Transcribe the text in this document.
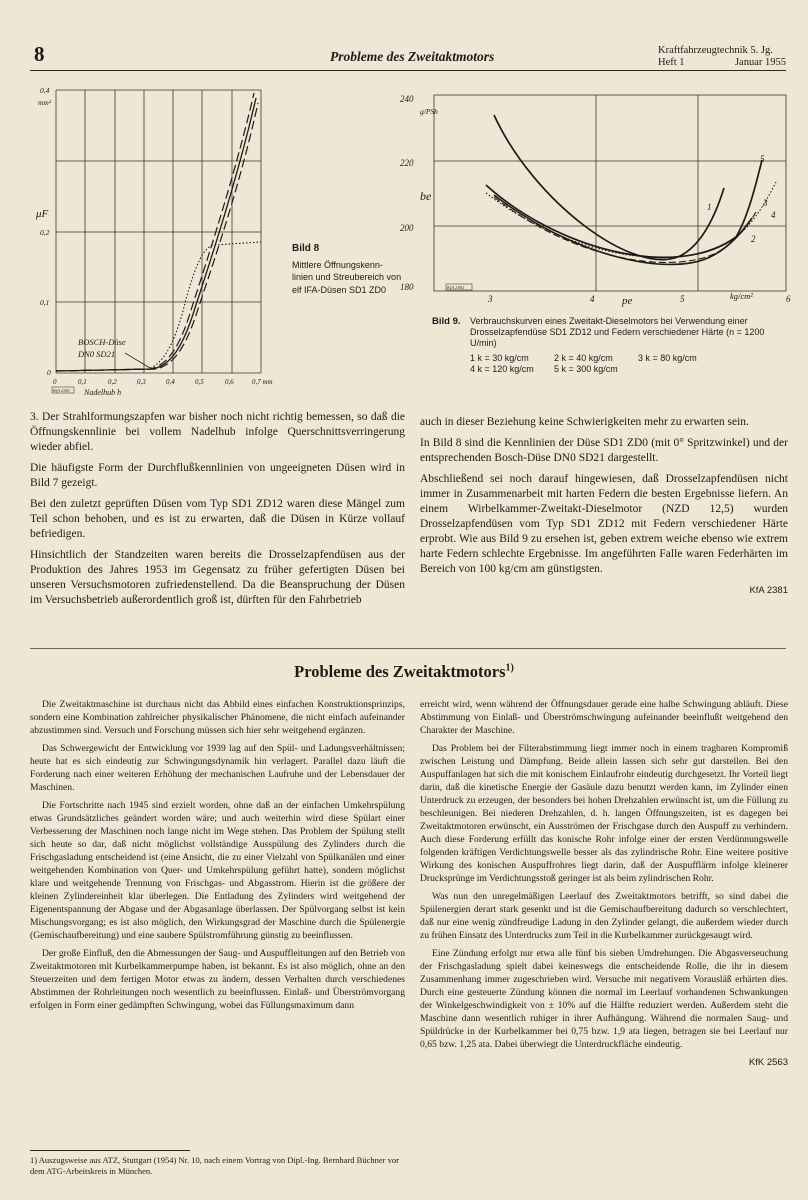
8	Probleme des Zweitaktmotors	Kraftfahrzeugtechnik 5. Jg.
Heft 1	Januar 1955
mm²
μF
0,4
0,2
0,1
0
0	0,1	0,2	0,3	0,4	0,5	0,6	0,7 mm
Nadelhub h
BOSCH-Düse
DN0 SD21
KfA 2381
Bild 8
Mittlere Öffnungskenn-linien und Streubereich von elf IFA-Düsen SD1 ZD0
1
2
3
4
5
g/PSh
be
240
220
200
180
3	4	5	6
pe	kg/cm²
KfA 2382
Bild 9. Verbrauchskurven eines Zweitakt-Dieselmotors bei Verwendung einer Drosselzapfendüse SD1 ZD12 und Federn verschiedener Härte (n = 1200 U/min)
1 k = 30 kg/cm	2 k = 40 kg/cm	3 k = 80 kg/cm
4 k = 120 kg/cm	5 k = 300 kg/cm

3. Der Strahlformungszapfen war bisher noch nicht richtig bemessen, so daß die Öffnungskennlinie bei vollem Nadelhub infolge Querschnittsverringerung wieder abfiel.

Die häufigste Form der Durchflußkennlinien von ungeeigneten Düsen wird in Bild 7 gezeigt.

Bei den zuletzt geprüften Düsen vom Typ SD1 ZD12 waren diese Mängel zum Teil schon behoben, und es ist zu erwarten, daß die Düsen in Kürze vollauf befriedigen.

Hinsichtlich der Standzeiten waren bereits die Drosselzapfendüsen aus der Produktion des Jahres 1953 im Gegensatz zu früher gefertigten Düsen bei unseren Versuchsmotoren zufriedenstellend. Da die Beanspruchung der Düsen im Versuchsbetrieb außerordentlich groß ist, dürften für den Fahrbetrieb

auch in dieser Beziehung keine Schwierigkeiten mehr zu erwarten sein.

In Bild 8 sind die Kennlinien der Düse SD1 ZD0 (mit 0° Spritzwinkel) und der entsprechenden Bosch-Düse DN0 SD21 dargestellt.

Abschließend sei noch darauf hingewiesen, daß Drosselzapfendüsen nicht immer in Zusammenarbeit mit harten Federn die besten Ergebnisse liefern. An einem Wirbelkammer-Zweitakt-Dieselmotor (NZD 12,5) wurden Drosselzapfendüsen vom Typ SD1 ZD12 mit Federn verschiedener Härte erprobt. Wie aus Bild 9 zu ersehen ist, geben extrem weiche ebenso wie extrem harte Federn schlechte Ergebnisse. Im angeführten Falle waren Federhärten im Bereich von 100 kg/cm am günstigsten.

KfA 2381
Probleme des Zweitaktmotors$^{1)}$

Die Zweitaktmaschine ist durchaus nicht das Abbild eines einfachen Konstruktionsprinzips, sondern eine Kombination zahlreicher physikalischer Phänomene, die nicht einfach aufeinander abzustimmen sind. Versuch und Forschung müssen sich hier sehr weitgehend ergänzen.

Das Schwergewicht der Entwicklung vor 1939 lag auf den Spül- und Ladungsverhältnissen; heute hat es sich eindeutig zur Schwingungsdynamik hin verlagert. Parallel dazu läuft die Forderung nach einer weiteren Erhöhung der mechanischen Laufruhe und der Lebensdauer der Maschinen.

Die Fortschritte nach 1945 sind erzielt worden, ohne daß an der einfachen Umkehrspülung etwas Grundsätzliches geändert worden wäre; und auch weiterhin wird diese Spülart einer Verbesserung der Maschinen noch lange nicht im Wege stehen. Das Problem der Spülung stellt sich heute so dar, daß nicht möglichst vollständige Ausspülung des Zylinders durch die Frischgasladung entscheidend ist (eine Ansicht, die zu einer Vielzahl von Spülkanälen und einer weitgehenden Kombination von Quer- und Umkehrspülung geführt hatte), sondern möglichst klare und weitgehende Trennung von Frischgas- und Abgasstrom. Hierin ist die größere der kleinen Zylindereinheit klar überlegen. Die Entladung des Zylinders wird weitgehend der Eigenentspannung der Abgase und der Abgasanlage überlassen. Der Spülvorgang selbst ist kein Mischungsvorgang; es ist also möglich, den Wirkungsgrad der Maschine durch die Spülenergie (Gemischaufbereitung) und eine saubere Spülstromführung günstig zu beeinflussen.

Der große Einfluß, den die Abmessungen der Saug- und Auspuffleitungen auf den Betrieb von Zweitaktmotoren mit Kurbelkammerpumpe haben, ist bekannt. Es ist also möglich, ohne an den Steuerzeiten und dem fertigen Motor etwas zu ändern, dessen Verhalten durch verschiedenes Abstimmen der Rohrleitungen noch wesentlich zu beeinflussen. Einlaß- und Überströmvorgang erfolgen in Form einer gedämpften Schwingung, wobei das Füllungsmaximum dann

erreicht wird, wenn während der Öffnungsdauer gerade eine halbe Schwingung abläuft. Diese Abstimmung von Einlaß- und Überströmschwingung aufeinander beeinflußt weitgehend den Charakter der Maschine.

Das Problem bei der Filterabstimmung liegt immer noch in einem tragbaren Kompromiß zwischen Leistung und Dämpfung. Beide allein lassen sich sehr gut darstellen. Bei den Auspuffanlagen hat sich die mit konischem Einlaufrohr eindeutig durchgesetzt. Ihr Vorteil liegt darin, daß die kinetische Energie der Gasäule dazu benutzt werden kann, im Zylinder einen Unterdruck zu erzeugen, der besonders bei hohen Drehzahlen erwünscht ist, um die Füllung zu beschleunigen. Bei niederen Drehzahlen, d. h. langen Öffnungszeiten, ist es dagegen bei Zweitaktmotoren erwünscht, ein Ausströmen der Frischgase durch den Auspuff zu verhindern. Auch diese Forderung erfüllt das konische Rohr infolge einer der ersten Verdünnungswelle folgenden kräftigen Verdichtungswelle besser als das zylindrische Rohr. Eine weitere positive Wirkung des konischen Auspuffrohres liegt darin, daß der Auspufflärm infolge kleinerer Drucksprünge im Verdichtungsstoß geringer ist als beim zylindrischen Rohr.

Was nun den unregelmäßigen Leerlauf des Zweitaktmotors betrifft, so sind dabei die Spülenergien derart stark gesenkt und ist die Gemischaufbereitung dadurch so verschlechtert, daß nur eine wenig zündfreudige Ladung in den Zylinder gelangt, die außerdem wieder durch zu frühen Einsatz des Unterdrucks zum Teil in die Kurbelkammer zurückgesaugt wird.

Eine Zündung erfolgt nur etwa alle fünf bis sieben Umdrehungen. Die Abgasverseuchung der Frischgasladung spielt dabei keineswegs die entscheidende Rolle, die ihr in diesem Zusammenhang immer zugeschrieben wird. Versuche mit negativem Vorausläß erhärten dies. Durch eine gesteuerte Zündung können die normal im Leerlauf vorhandenen Schwankungen der Winkelgeschwindigkeit von ± 10% auf die Hälfte reduziert werden. Außerdem steht die Maschine dann wesentlich ruhiger in ihrer Aufhängung. Während die normalen Saug- und Spüldrücke in der Kurbelkammer bei 0,75 bzw. 1,9 ata liegen, betragen sie bei Leerlauf nur 0,65 bzw. 1,25 ata. Dabei überwiegt die Unterdruckfläche eindeutig.

KfK 2563
1) Auszugsweise aus ATZ, Stuttgart (1954) Nr. 10, nach einem Vortrag von Dipl.-Ing. Bernhard Büchner vor dem ATG-Arbeitskreis in München.
